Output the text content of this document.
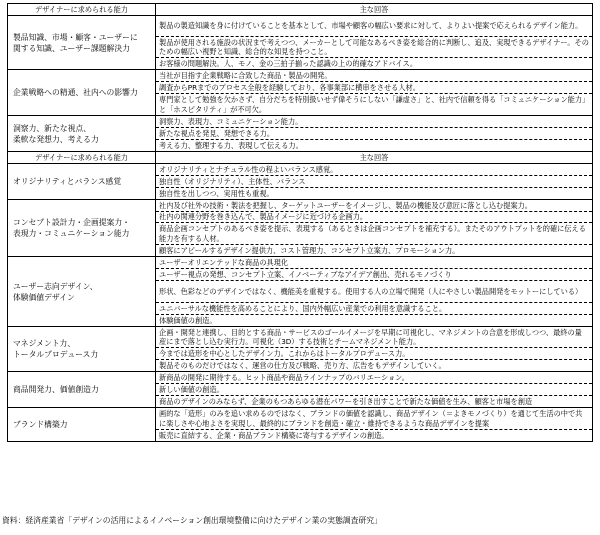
デザイナーに求められる能力	主な回答
製品知識、市場・顧客・ユーザーに
関する知識、ユーザー課題解決力	製品の製造知識を身に付けていることを基本として、市場や顧客の幅広い要求に対して、よりよい提案で応えられるデザイン能力。
	製品が使用される施設の状況まで考えつつ、メーカーとして可能なあるべき姿を総合的に判断し、追及、実現できるデザイナー。そのための幅広い視野と知識、総合的な知見を持つこと。
	お客様の問題解決。人、モノ、金の三拍子揃った認識の上の的確なアドバイス。
企業戦略への精通、社内への影響力	当社が目指す企業戦略に合致した商品・製品の開発。
	調査からPRまでのプロセス全般を経験しており、各事業部に横串をさせる人材。
	専門家として勉強を欠かさず、自分だちを特別扱いせず偉そうにしない「謙虚さ」と、社内で信頼を得る「コミュニケーション能力」と「ホスピタリティ」が不可欠。
洞察力、新たな視点、
柔軟な発想力、考える力	洞察力、表現力、コミュニケーション能力。
	新たな視点を発見、発想できる力。
	考える力、整理する力、表現して伝える力。
デザイナーに求められる能力	主な回答
オリジナリティとバランス感覚	オリジナリティとナチュラル性の程よいバランス感覚。
	独自性（オリジナリティ）、主体性、バランス
	独自性を出しつつ、実用性も重視。
コンセプト設計力・企画提案力・
表現力・コミュニケーション能力	社内及び社外の技術・製法を把握し、ターゲットユーザーをイメージし、製品の機能及び意匠に落とし込む提案力。
	社内の関連分野を巻き込んで、製品イメージに近づける企画力。
	商品企画コンセプトのあるべき姿を提示、表現する（あるときは企画コンセプトを補充する）。またそのアウトプットを的確に伝える能力を有する人材。
	顧客にアピールするデザイン提供力、コスト管理力、コンセプト立案力、プロモーション力。
ユーザー志向デザイン、
体験価値デザイン	ユーザーオリエンテッドな商品の具現化
	ユーザー視点の発想、コンセプト立案、イノベーティブなアイデア創出、売れるモノづくり
	形状、色彩などのデザインではなく、機能美を重視する。使用する人の立場で開発（人にやさしい製品開発をモットーにしている）
	ユニバーサルな機能性を高めることにより、国内外幅広い産業での利用を意識すること。
	体験価値の創造。
マネジメント力、
トータルプロデュース力	企画・開発と連携し、目的とする商品・サービスのゴールイメージを早期に可視化し、マネジメントの合意を形成しつつ、最終の量産にまで落とし込む実行力。可視化（3D）する技術とチームマネジメント能力。
	今までは造形を中心としたデザイン力。これからはトータルプロデュース力。
	製品そのものだけではなく、運営の仕方及び戦略、売り方、広告をもデザインしていく。
商品開発力、価値創造力	新商品の開発に期待する。ヒット商品や商品ラインナップのバリエーション。
	新しい価値の創造。
	商品のデザインのみならず、企業のもつあらゆる潜在パワーを引き出すことで新たな価値を生み、顧客と市場を創造
ブランド構築力	画的な「造形」のみを追い求めるのではなく、ブランドの価値を認識し、商品デザイン（＝よきモノづくり）を通じて生活の中で共に楽しさや心地よさを実現し、最終的にブランドを創造・確立・維持できるような商品デザインを提案
	販売に直結する、企業・商品ブランド構築に寄与するデザインの創造。
資料：経済産業省「デザインの活用によるイノベーション創出環境整備に向けたデザイン業の実態調査研究」
